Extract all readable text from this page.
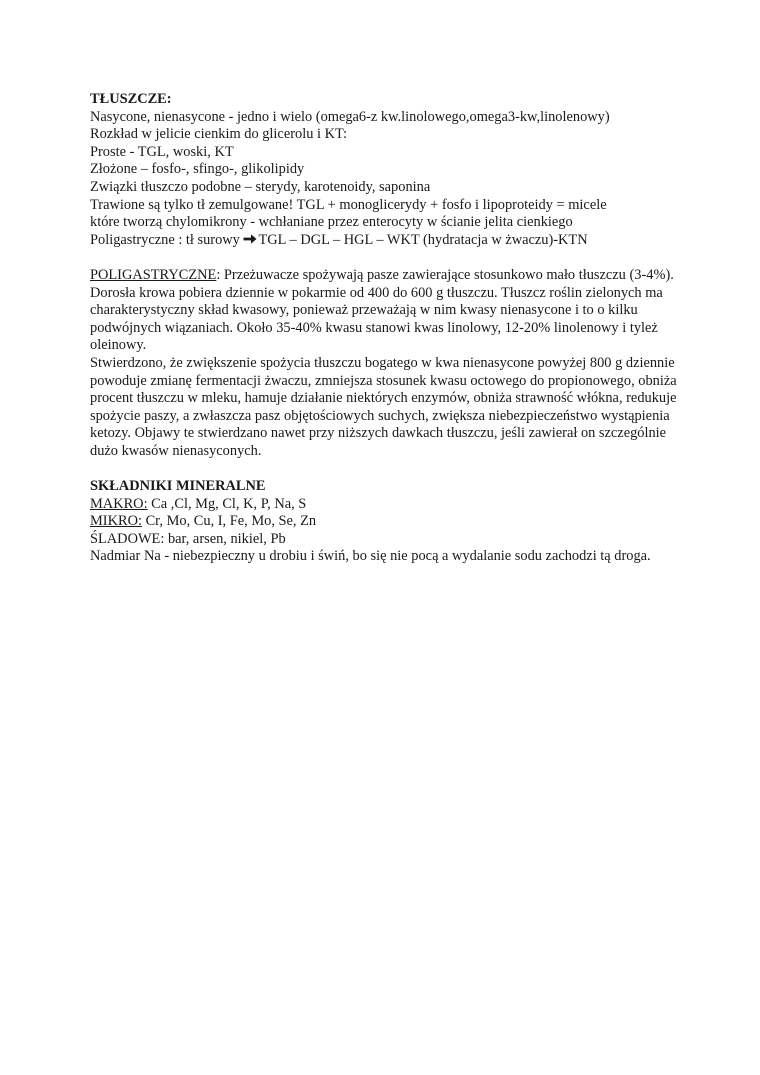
TŁUSZCZE:
Nasycone, nienasycone - jedno i wielo (omega6-z kw.linolowego,omega3-kw,linolenowy)
Rozkład w jelicie cienkim do glicerolu i KT:
Proste - TGL, woski, KT
Złożone – fosfo-, sfingo-, glikolipidy
Związki tłuszczo podobne – sterydy, karotenoidy, saponina
Trawione są tylko tł zemulgowane! TGL + monoglicerydy + fosfo i lipoproteidy = micele
które tworzą chylomikrony - wchłaniane przez enterocyty w ścianie jelita cienkiego
Poligastryczne : tł surowy TGL – DGL – HGL – WKT (hydratacja w żwaczu)-KTN
POLIGASTRYCZNE: Przeżuwacze spożywają pasze zawierające stosunkowo mało tłuszczu (3-4%). Dorosła krowa pobiera dziennie w pokarmie od 400 do 600 g tłuszczu. Tłuszcz roślin zielonych ma charakterystyczny skład kwasowy, ponieważ przeważają w nim kwasy nienasycone i to o kilku podwójnych wiązaniach. Około 35-40% kwasu stanowi kwas linolowy, 12-20% linolenowy i tyleż oleinowy.
Stwierdzono, że zwiększenie spożycia tłuszczu bogatego w kwa nienasycone powyżej 800 g dziennie powoduje zmianę fermentacji żwaczu, zmniejsza stosunek kwasu octowego do propionowego, obniża procent tłuszczu w mleku, hamuje działanie niektórych enzymów, obniża strawność włókna, redukuje spożycie paszy, a zwłaszcza pasz objętościowych suchych, zwiększa niebezpieczeństwo wystąpienia ketozy. Objawy te stwierdzano nawet przy niższych dawkach tłuszczu, jeśli zawierał on szczególnie dużo kwasów nienasyconych.
SKŁADNIKI MINERALNE
MAKRO: Ca ,Cl, Mg, Cl, K, P, Na, S
MIKRO: Cr, Mo, Cu, I, Fe, Mo, Se, Zn
ŚLADOWE: bar, arsen, nikiel, Pb
Nadmiar Na - niebezpieczny u drobiu i świń, bo się nie pocą a wydalanie sodu zachodzi tą droga.
